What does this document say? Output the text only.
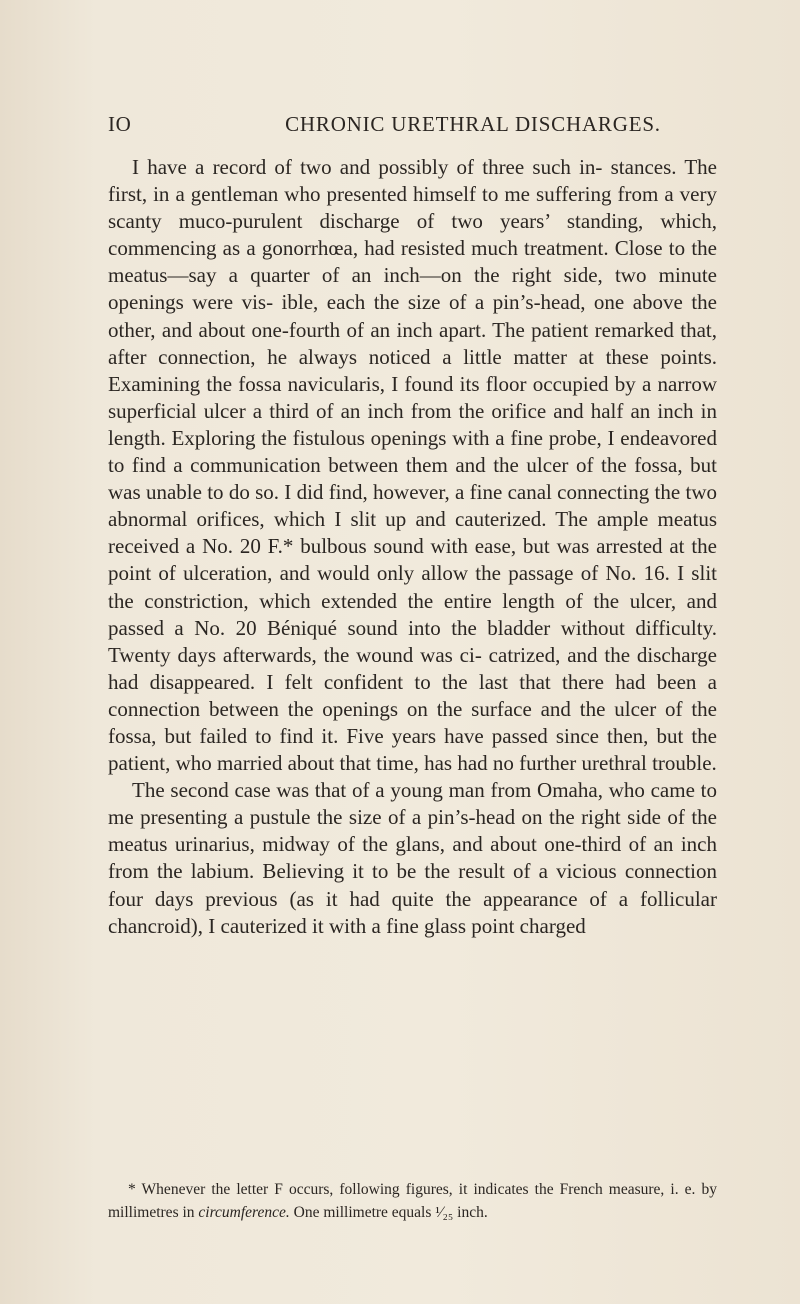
IO	CHRONIC URETHRAL DISCHARGES.

I have a record of two and possibly of three such in- stances. The first, in a gentleman who presented himself to me suffering from a very scanty muco-purulent discharge of two years’ standing, which, commencing as a gonorrhœa, had resisted much treatment. Close to the meatus—say a quarter of an inch—on the right side, two minute openings were vis- ible, each the size of a pin’s-head, one above the other, and about one-fourth of an inch apart. The patient remarked that, after connection, he always noticed a little matter at these points. Examining the fossa navicularis, I found its floor occupied by a narrow superficial ulcer a third of an inch from the orifice and half an inch in length. Exploring the fistulous openings with a fine probe, I endeavored to find a communication between them and the ulcer of the fossa, but was unable to do so. I did find, however, a fine canal connecting the two abnormal orifices, which I slit up and cauterized. The ample meatus received a No. 20 F.* bulbous sound with ease, but was arrested at the point of ulceration, and would only allow the passage of No. 16. I slit the constriction, which extended the entire length of the ulcer, and passed a No. 20 Béniqué sound into the bladder without difficulty. Twenty days afterwards, the wound was ci- catrized, and the discharge had disappeared. I felt confident to the last that there had been a connection between the openings on the surface and the ulcer of the fossa, but failed to find it. Five years have passed since then, but the patient, who married about that time, has had no further urethral trouble.

The second case was that of a young man from Omaha, who came to me presenting a pustule the size of a pin’s-head on the right side of the meatus urinarius, midway of the glans, and about one-third of an inch from the labium. Believing it to be the result of a vicious connection four days previous (as it had quite the appearance of a follicular chancroid), I cauterized it with a fine glass point charged

* Whenever the letter F occurs, following figures, it indicates the French measure, i. e. by millimetres in circumference. One millimetre equals ¹⁄₂₅ inch.
